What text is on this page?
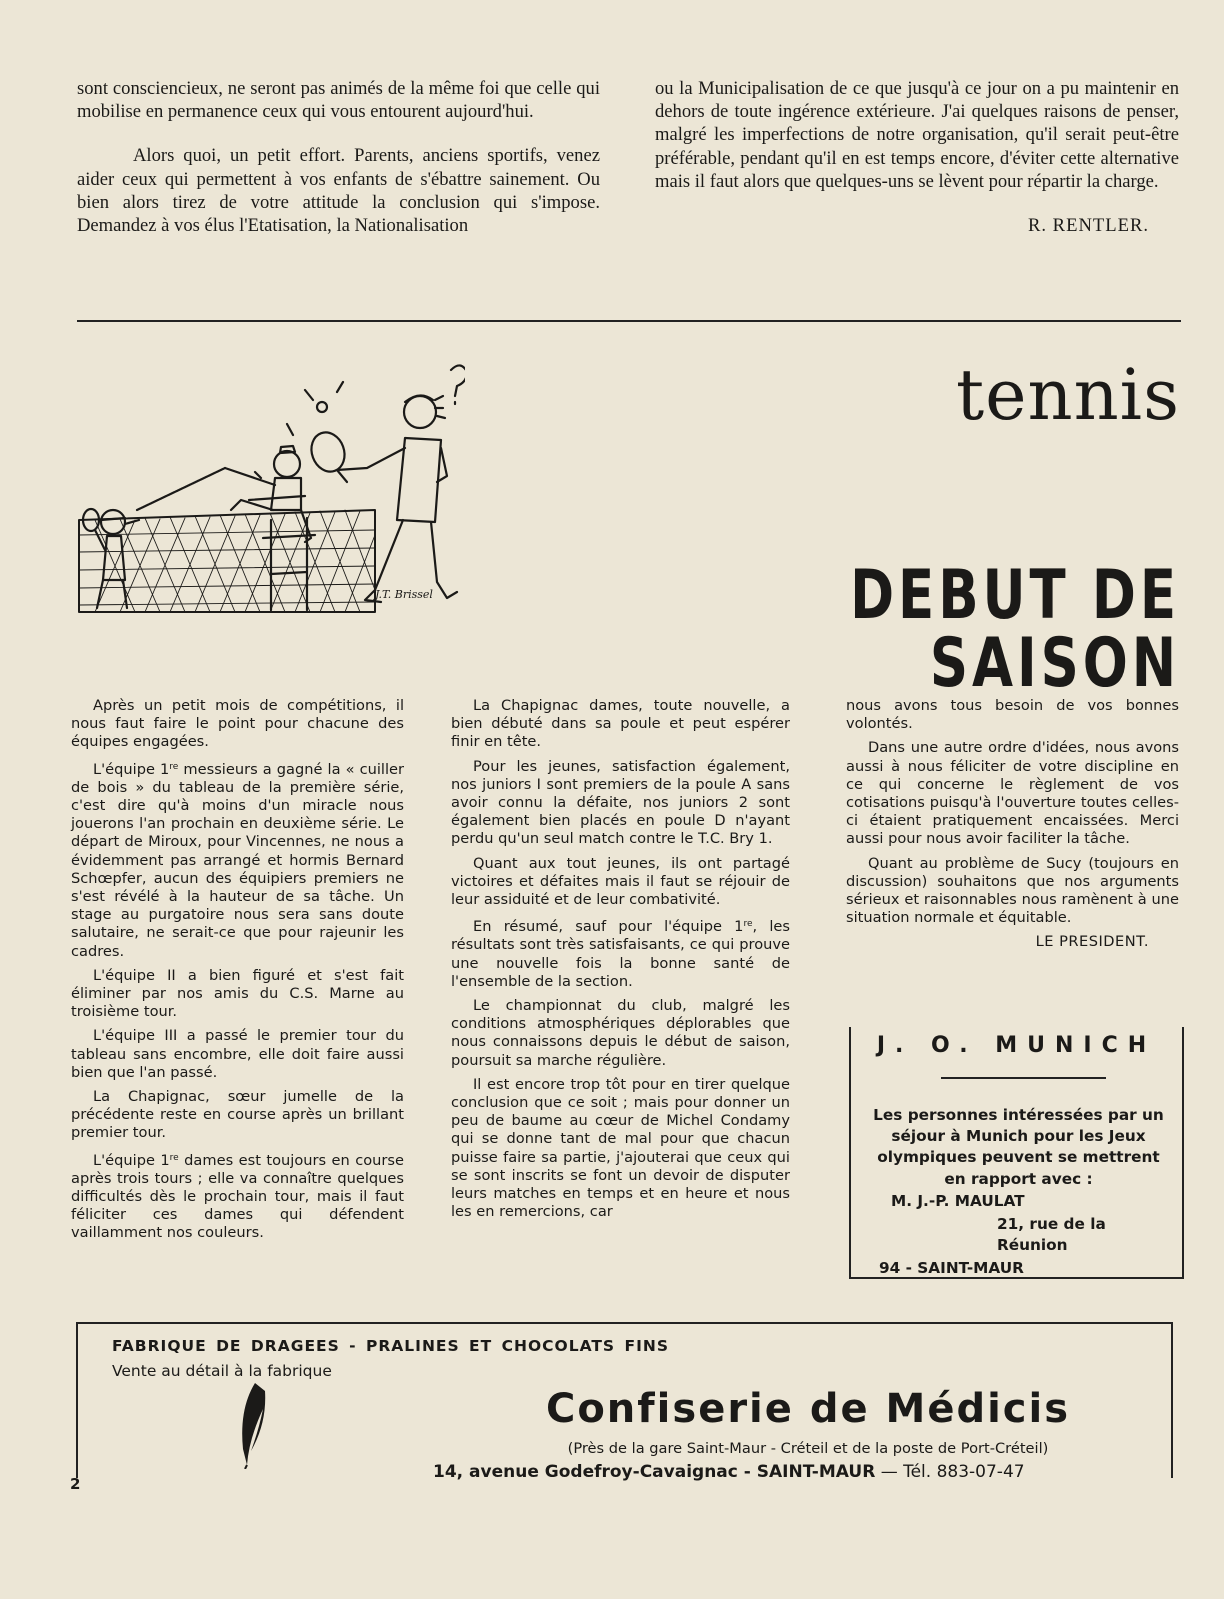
sont consciencieux, ne seront pas animés de la même foi que celle qui mobilise en permanence ceux qui vous entourent aujourd'hui.

Alors quoi, un petit effort. Parents, anciens sportifs, venez aider ceux qui permettent à vos enfants de s'ébattre sainement. Ou bien alors tirez de votre attitude la conclusion qui s'impose. Demandez à vos élus l'Etatisation, la Nationalisation

ou la Municipalisation de ce que jusqu'à ce jour on a pu maintenir en dehors de toute ingérence extérieure. J'ai quelques raisons de penser, malgré les imperfections de notre organisation, qu'il serait peut-être préférable, pendant qu'il en est temps encore, d'éviter cette alternative mais il faut alors que quelques-uns se lèvent pour répartir la charge.

R. RENTLER.

J.T. Brissel
tennis
DEBUT DE SAISON

Après un petit mois de compétitions, il nous faut faire le point pour chacune des équipes engagées.

L'équipe 1re messieurs a gagné la « cuiller de bois » du tableau de la première série, c'est dire qu'à moins d'un miracle nous jouerons l'an prochain en deuxième série. Le départ de Miroux, pour Vincennes, ne nous a évidemment pas arrangé et hormis Bernard Schœpfer, aucun des équipiers premiers ne s'est révélé à la hauteur de sa tâche. Un stage au purgatoire nous sera sans doute salutaire, ne serait-ce que pour rajeunir les cadres.

L'équipe II a bien figuré et s'est fait éliminer par nos amis du C.S. Marne au troisième tour.

L'équipe III a passé le premier tour du tableau sans encombre, elle doit faire aussi bien que l'an passé.

La Chapignac, sœur jumelle de la précédente reste en course après un brillant premier tour.

L'équipe 1re dames est toujours en course après trois tours ; elle va connaître quelques difficultés dès le prochain tour, mais il faut féliciter ces dames qui défendent vaillamment nos couleurs.

La Chapignac dames, toute nouvelle, a bien débuté dans sa poule et peut espérer finir en tête.

Pour les jeunes, satisfaction également, nos juniors I sont premiers de la poule A sans avoir connu la défaite, nos juniors 2 sont également bien placés en poule D n'ayant perdu qu'un seul match contre le T.C. Bry 1.

Quant aux tout jeunes, ils ont partagé victoires et défaites mais il faut se réjouir de leur assiduité et de leur combativité.

En résumé, sauf pour l'équipe 1re, les résultats sont très satisfaisants, ce qui prouve une nouvelle fois la bonne santé de l'ensemble de la section.

Le championnat du club, malgré les conditions atmosphériques déplorables que nous connaissons depuis le début de saison, poursuit sa marche régulière.

Il est encore trop tôt pour en tirer quelque conclusion que ce soit ; mais pour donner un peu de baume au cœur de Michel Condamy qui se donne tant de mal pour que chacun puisse faire sa partie, j'ajouterai que ceux qui se sont inscrits se font un devoir de disputer leurs matches en temps et en heure et nous les en remercions, car

nous avons tous besoin de vos bonnes volontés.

Dans une autre ordre d'idées, nous avons aussi à nous féliciter de votre discipline en ce qui concerne le règlement de vos cotisations puisqu'à l'ouverture toutes celles-ci étaient pratiquement encaissées. Merci aussi pour nous avoir faciliter la tâche.

Quant au problème de Sucy (toujours en discussion) souhaitons que nos arguments sérieux et raisonnables nous ramènent à une situation normale et équitable.

LE PRESIDENT.

J. O. MUNICH
Les personnes intéressées par un séjour à Munich pour les Jeux olympiques peuvent se mettrent en rapport avec :
M. J.-P. MAULAT
21, rue de la Réunion
94 - SAINT-MAUR
FABRIQUE DE DRAGEES - PRALINES ET CHOCOLATS FINS
Vente au détail à la fabrique
Confiserie de Médicis
(Près de la gare Saint-Maur - Créteil et de la poste de Port-Créteil)
14, avenue Godefroy-Cavaignac - SAINT-MAUR — Tél. 883-07-47
2
